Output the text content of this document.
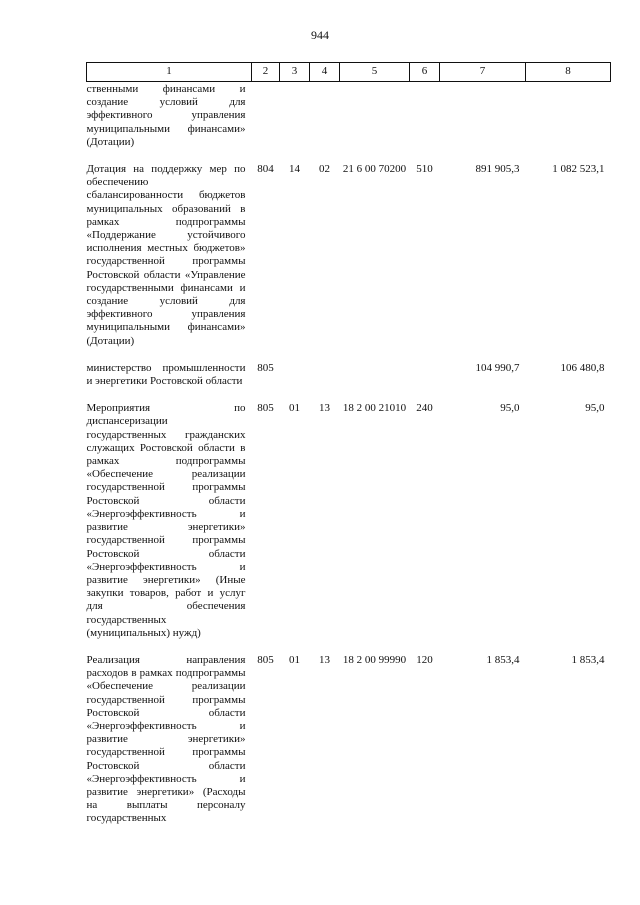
944
1	2	3	4	5	6	7	8
ственными финансами и создание условий для эффективного управления муниципальными финансами» (Дотации)							

Дотация на поддержку мер по обеспечению сбалансированности бюджетов муниципальных образований в рамках подпрограммы «Поддержание устойчивого исполнения местных бюджетов» государственной программы Ростовской области «Управление государственными финансами и создание условий для эффективного управления муниципальными финансами» (Дотации)	804	14	02	21 6 00 70200	510	891 905,3	1 082 523,1

министерство промышленности и энергетики Ростовской области	805					104 990,7	106 480,8

Мероприятия по диспансеризации государственных гражданских служащих Ростовской области в рамках подпрограммы «Обеспечение реализации государственной программы Ростовской области «Энергоэффективность и развитие энергетики» государственной программы Ростовской области «Энергоэффективность и развитие энергетики» (Иные закупки товаров, работ и услуг для обеспечения государственных (муниципальных) нужд)	805	01	13	18 2 00 21010	240	95,0	95,0

Реализация направления расходов в рамках подпрограммы «Обеспечение реализации государственной программы Ростовской области «Энергоэффективность и развитие энергетики» государственной программы Ростовской области «Энергоэффективность и развитие энергетики» (Расходы на выплаты персоналу государственных	805	01	13	18 2 00 99990	120	1 853,4	1 853,4
